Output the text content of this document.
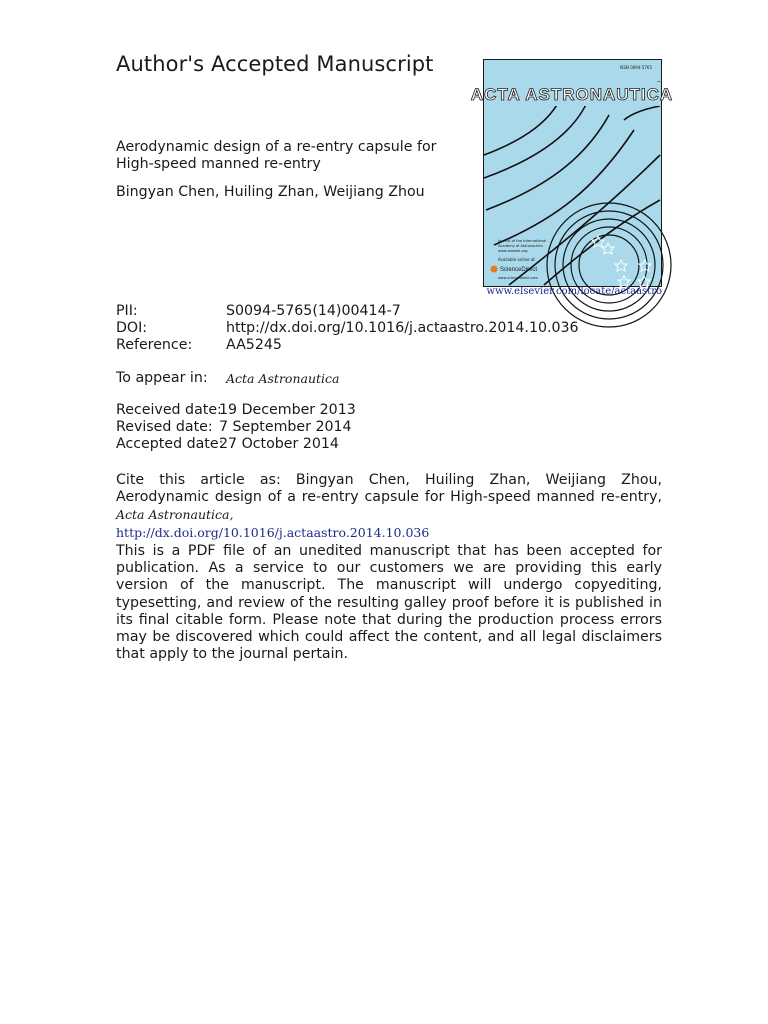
Author's Accepted Manuscript
Aerodynamic design of a re-entry capsule for High-speed manned re-entry
Bingyan Chen, Huiling Zhan, Weijiang Zhou
ACTA ASTRONAUTICA
ISSN 0094-5765
Journal of the International
Academy of Astronautics
www.iaaweb.org
Available online at
ScienceDirect
www.sciencedirect.com
www.elsevier.com/locate/actaastro
PII:	S0094-5765(14)00414-7
DOI:	http://dx.doi.org/10.1016/j.actaastro.2014.10.036
Reference:	AA5245
To appear in:	Acta Astronautica
Received date:
19 December 2013
Revised date: 7 September 2014
Accepted date:
27 October 2014
Cite this article as: Bingyan Chen, Huiling Zhan, Weijiang Zhou, Aerodynamic design of a re-entry capsule for High-speed manned re-entry, Acta Astronautica,
http://dx.doi.org/10.1016/j.actaastro.2014.10.036
This is a PDF file of an unedited manuscript that has been accepted for publication. As a service to our customers we are providing this early version of the manuscript. The manuscript will undergo copyediting, typesetting, and review of the resulting galley proof before it is published in its final citable form. Please note that during the production process errors may be discovered which could affect the content, and all legal disclaimers that apply to the journal pertain.
